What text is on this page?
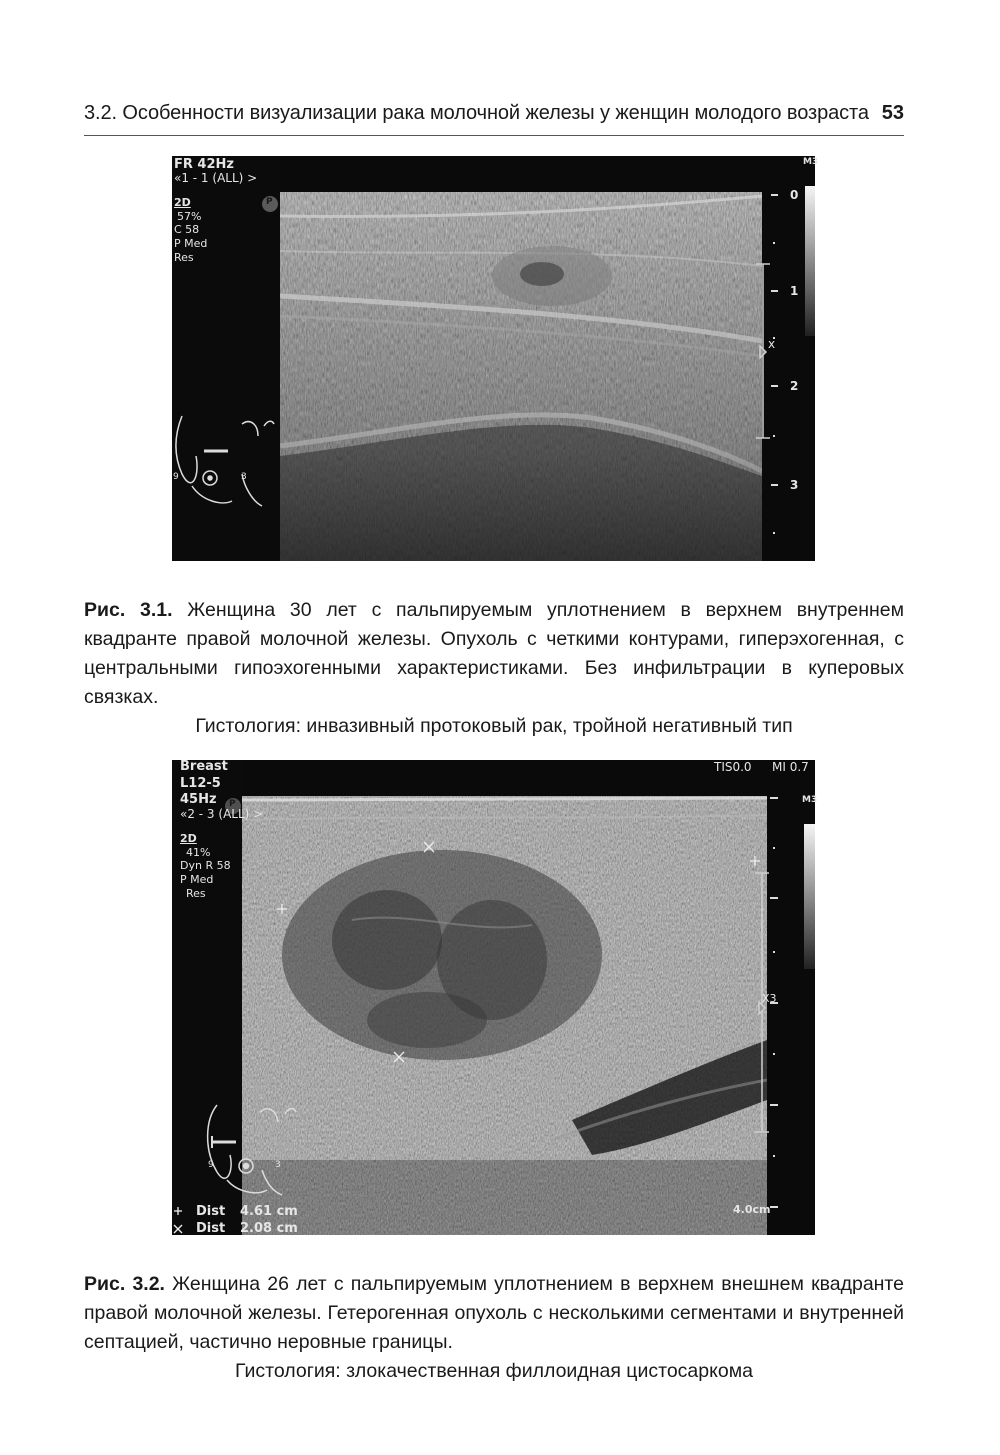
3.2. Особенности визуализации рака молочной железы у женщин молодого возраста 53
FR 42Hz
«1 - 1 (ALL) >
2D
57%
C 58
P Med
Res
P
M3
0
1
2
3
x
9	3
Рис. 3.1. Женщина 30 лет с пальпируемым уплотнением в верхнем внутреннем квадранте правой молочной железы. Опухоль с четкими контурами, гиперэхогенная, с центральными гипоэхогенными характеристиками. Без инфильтрации в куперовых связках.
Гистология: инвазивный протоковый рак, тройной негативный тип
Breast
L12-5
45Hz
«2 - 3 (ALL) >
2D
41%
Dyn R 58
P Med
Res
P
TIS0.0 MI 0.7
M3
X3
4.0cm
Dist 4.61 cm
Dist 2.08 cm
9	3
Рис. 3.2. Женщина 26 лет с пальпируемым уплотнением в верхнем внешнем квадранте правой молочной железы. Гетерогенная опухоль с несколькими сегментами и внутренней септацией, частично неровные границы.
Гистология: злокачественная филлоидная цистосаркома
